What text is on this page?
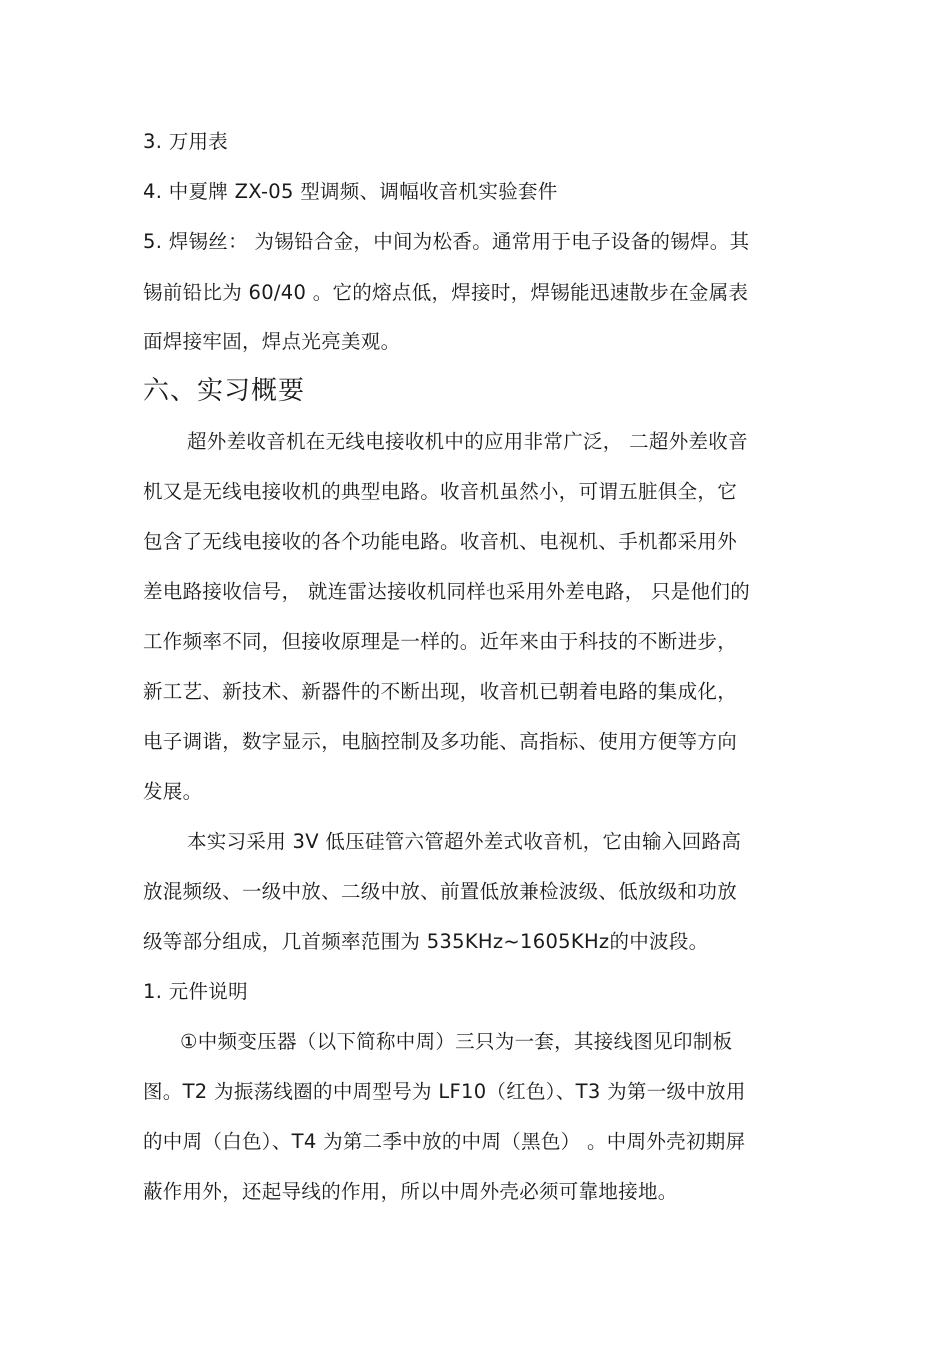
3. 万用表
4. 中夏牌 ZX-05 型调频、调幅收音机实验套件
5. 焊锡丝： 为锡铅合金，中间为松香。通常用于电子设备的锡焊。其
锡前铅比为 60/40 。它的熔点低，焊接时，焊锡能迅速散步在金属表
面焊接牢固，焊点光亮美观。
六、实习概要
超外差收音机在无线电接收机中的应用非常广泛， 二超外差收音
机又是无线电接收机的典型电路。收音机虽然小，可谓五脏俱全，它
包含了无线电接收的各个功能电路。收音机、电视机、手机都采用外
差电路接收信号， 就连雷达接收机同样也采用外差电路， 只是他们的
工作频率不同，但接收原理是一样的。近年来由于科技的不断进步，
新工艺、新技术、新器件的不断出现，收音机已朝着电路的集成化，
电子调谐，数字显示，电脑控制及多功能、高指标、使用方便等方向
发展。
本实习采用 3V 低压硅管六管超外差式收音机，它由输入回路高
放混频级、一级中放、二级中放、前置低放兼检波级、低放级和功放
级等部分组成，几首频率范围为 535KHz~1605KHz的中波段。
1. 元件说明
①中频变压器（以下简称中周）三只为一套，其接线图见印制板
图。T2 为振荡线圈的中周型号为 LF10（红色）、T3 为第一级中放用
的中周（白色）、T4 为第二季中放的中周（黑色） 。中周外壳初期屏
蔽作用外，还起导线的作用，所以中周外壳必须可靠地接地。
